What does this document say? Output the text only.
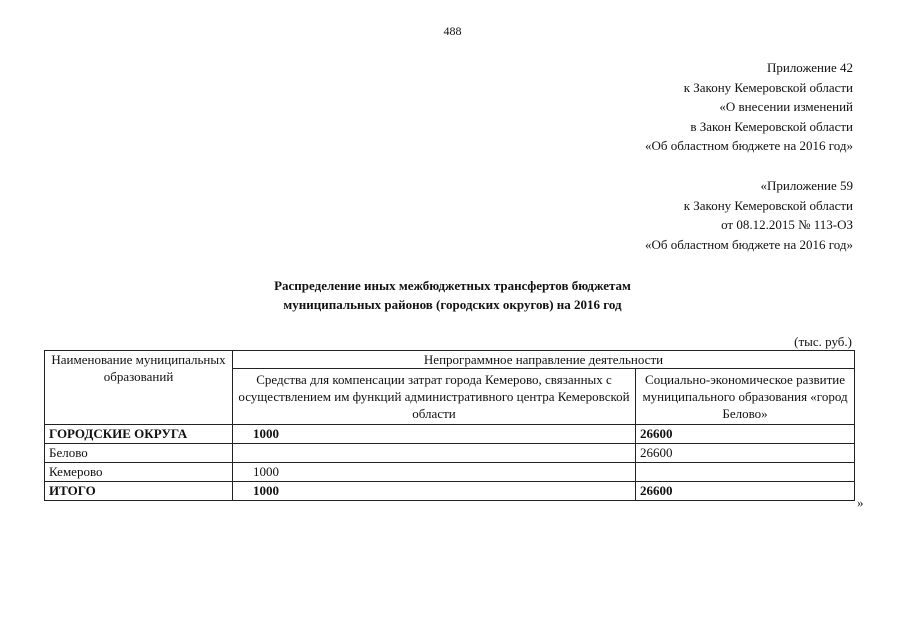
488
Приложение 42
к Закону Кемеровской области
«О внесении изменений
в Закон Кемеровской области
«Об областном бюджете на 2016 год»
«Приложение 59
к Закону Кемеровской области
от 08.12.2015 № 113-ОЗ
«Об областном бюджете на 2016 год»
Распределение иных межбюджетных трансфертов бюджетам
муниципальных районов (городских округов) на 2016 год
(тыс. руб.)
Наименование муниципальных образований	Непрограммное направление деятельности	
	Средства для компенсации затрат города Кемерово, связанных с осуществлением им функций административного центра Кемеровской области	Социально-экономическое развитие муниципального образования «город Белово»
ГОРОДСКИЕ ОКРУГА	1000	26600
Белово		26600
Кемерово	1000	
ИТОГО	1000	26600
»
